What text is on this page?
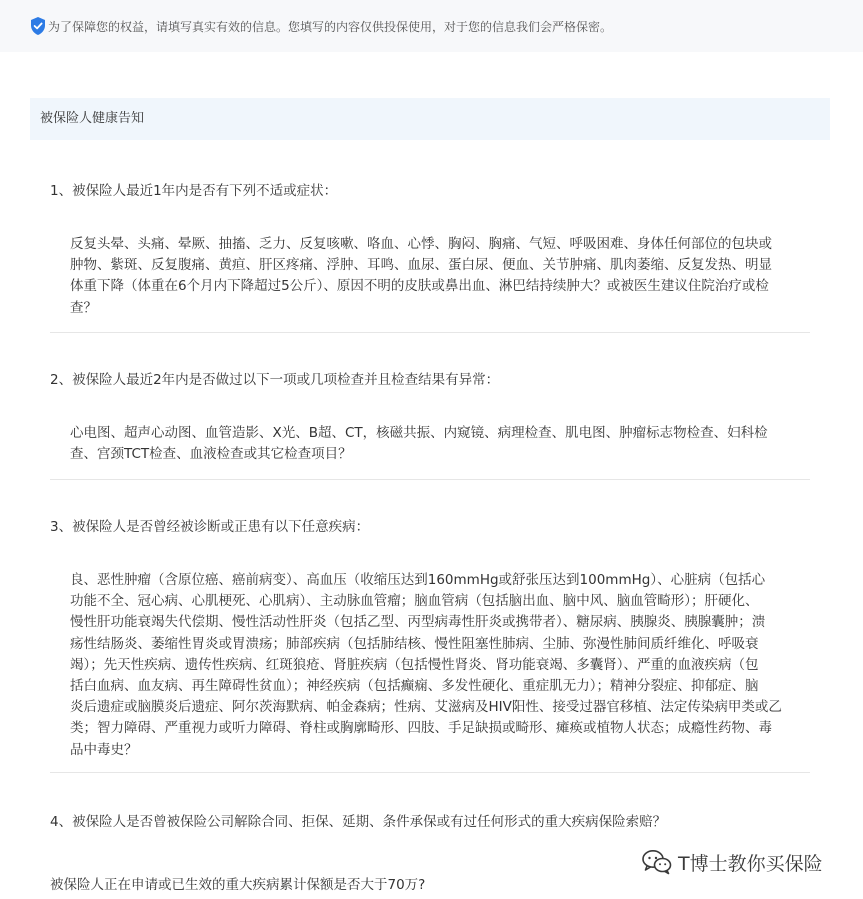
为了保障您的权益，请填写真实有效的信息。您填写的内容仅供投保使用，对于您的信息我们会严格保密。
被保险人健康告知
1、被保险人最近1年内是否有下列不适或症状：
反复头晕、头痛、晕厥、抽搐、乏力、反复咳嗽、咯血、心悸、胸闷、胸痛、气短、呼吸困难、身体任何部位的包块或
肿物、紫斑、反复腹痛、黄疸、肝区疼痛、浮肿、耳鸣、血尿、蛋白尿、便血、关节肿痛、肌肉萎缩、反复发热、明显
体重下降（体重在6个月内下降超过5公斤）、原因不明的皮肤或鼻出血、淋巴结持续肿大？或被医生建议住院治疗或检
查？
2、被保险人最近2年内是否做过以下一项或几项检查并且检查结果有异常：
心电图、超声心动图、血管造影、X光、B超、CT，核磁共振、内窥镜、病理检查、肌电图、肿瘤标志物检查、妇科检
查、宫颈TCT检查、血液检查或其它检查项目？
3、被保险人是否曾经被诊断或正患有以下任意疾病：
良、恶性肿瘤（含原位癌、癌前病变）、高血压（收缩压达到160mmHg或舒张压达到100mmHg）、心脏病（包括心
功能不全、冠心病、心肌梗死、心肌病）、主动脉血管瘤；脑血管病（包括脑出血、脑中风、脑血管畸形）；肝硬化、
慢性肝功能衰竭失代偿期、慢性活动性肝炎（包括乙型、丙型病毒性肝炎或携带者）、糖尿病、胰腺炎、胰腺囊肿；溃
疡性结肠炎、萎缩性胃炎或胃溃疡；肺部疾病（包括肺结核、慢性阻塞性肺病、尘肺、弥漫性肺间质纤维化、呼吸衰
竭）；先天性疾病、遗传性疾病、红斑狼疮、肾脏疾病（包括慢性肾炎、肾功能衰竭、多囊肾）、严重的血液疾病（包
括白血病、血友病、再生障碍性贫血）；神经疾病（包括癫痫、多发性硬化、重症肌无力）；精神分裂症、抑郁症、脑
炎后遗症或脑膜炎后遗症、阿尔茨海默病、帕金森病；性病、艾滋病及HIV阳性、接受过器官移植、法定传染病甲类或乙
类；智力障碍、严重视力或听力障碍、脊柱或胸廓畸形、四肢、手足缺损或畸形、瘫痪或植物人状态；成瘾性药物、毒
品中毒史？
4、被保险人是否曾被保险公司解除合同、拒保、延期、条件承保或有过任何形式的重大疾病保险索赔？
被保险人正在申请或已生效的重大疾病累计保额是否大于70万?
T博士教你买保险
